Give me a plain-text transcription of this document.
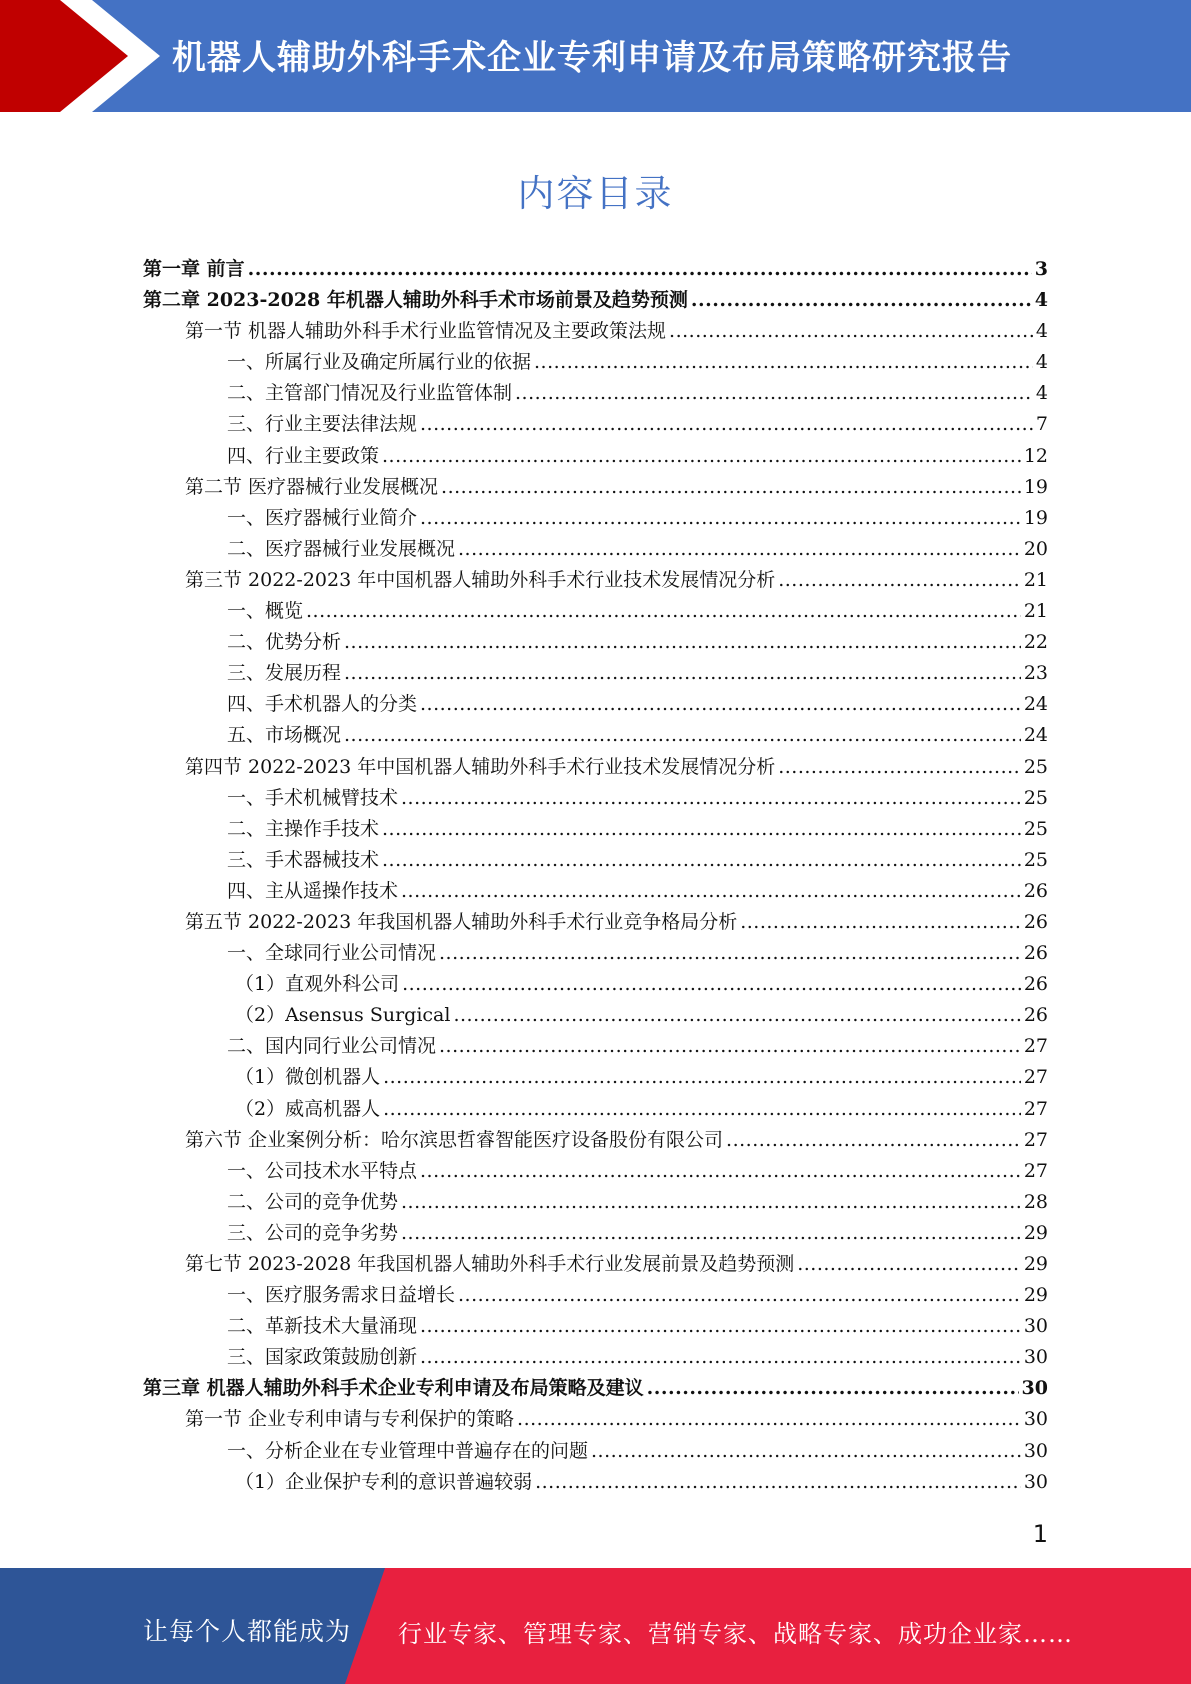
机器人辅助外科手术企业专利申请及布局策略研究报告
内容目录
第一章 前言 .....	3
第二章 2023-2028 年机器人辅助外科手术市场前景及趋势预测 .....	4
第一节 机器人辅助外科手术行业监管情况及主要政策法规 .....	4
一、所属行业及确定所属行业的依据 .....	4
二、主管部门情况及行业监管体制 .....	4
三、行业主要法律法规 .....	7
四、行业主要政策 .....	12
第二节 医疗器械行业发展概况 .....	19
一、医疗器械行业简介 .....	19
二、医疗器械行业发展概况 .....	20
第三节 2022-2023 年中国机器人辅助外科手术行业技术发展情况分析 .....	21
一、概览 .....	21
二、优势分析 .....	22
三、发展历程 .....	23
四、手术机器人的分类 .....	24
五、市场概况 .....	24
第四节 2022-2023 年中国机器人辅助外科手术行业技术发展情况分析 .....	25
一、手术机械臂技术 .....	25
二、主操作手技术 .....	25
三、手术器械技术 .....	25
四、主从遥操作技术 .....	26
第五节 2022-2023 年我国机器人辅助外科手术行业竞争格局分析 .....	26
一、全球同行业公司情况 .....	26
（1）直观外科公司 .....	26
（2）Asensus Surgical .....	26
二、国内同行业公司情况 .....	27
（1）微创机器人 .....	27
（2）威高机器人 .....	27
第六节 企业案例分析：哈尔滨思哲睿智能医疗设备股份有限公司 .....	27
一、公司技术水平特点 .....	27
二、公司的竞争优势 .....	28
三、公司的竞争劣势 .....	29
第七节 2023-2028 年我国机器人辅助外科手术行业发展前景及趋势预测 .....	29
一、医疗服务需求日益增长 .....	29
二、革新技术大量涌现 .....	30
三、国家政策鼓励创新 .....	30
第三章 机器人辅助外科手术企业专利申请及布局策略及建议 .....	30
第一节 企业专利申请与专利保护的策略 .....	30
一、分析企业在专业管理中普遍存在的问题 .....	30
（1）企业保护专利的意识普遍较弱 .....	30
1
让每个人都能成为 行业专家、管理专家、营销专家、战略专家、成功企业家……
